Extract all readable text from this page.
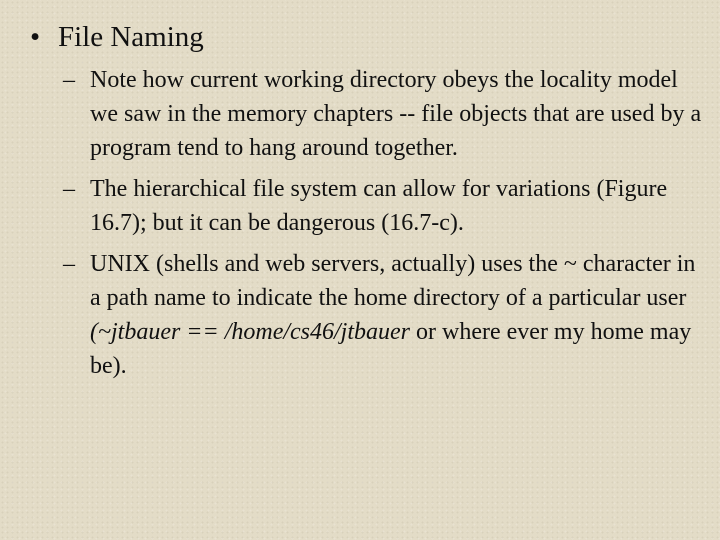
• File Naming
– Note how current working directory obeys the locality model we saw in the memory chapters -- file objects that are used by a program tend to hang around together.
– The hierarchical file system can allow for variations (Figure 16.7); but it can be dangerous (16.7-c).
– UNIX (shells and web servers, actually) uses the ~ character in a path name to indicate the home directory of a particular user (~jtbauer == /home/cs46/jtbauer or where ever my home may be).
